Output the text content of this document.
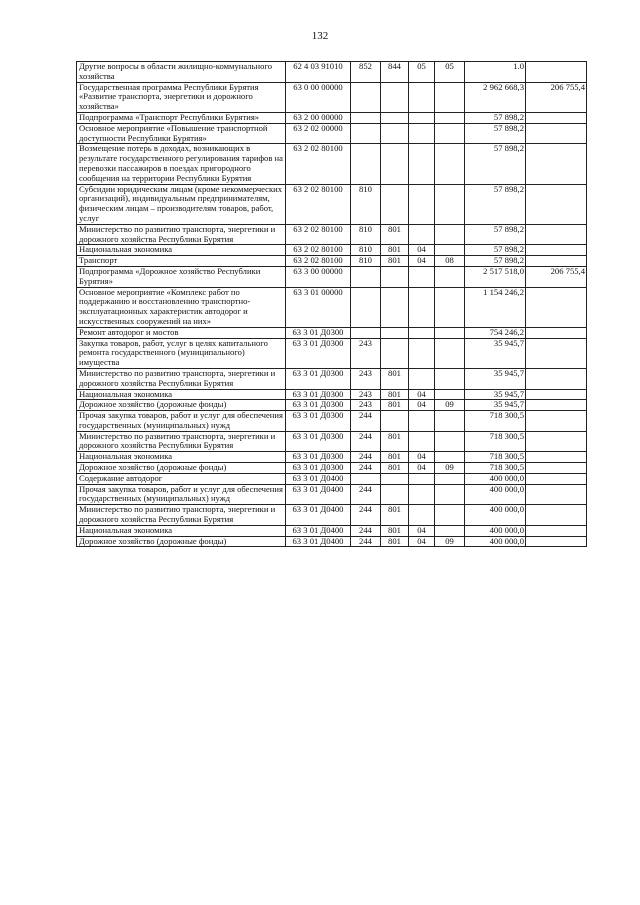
132
Другие вопросы в области жилищно-коммунального хозяйства	62 4 03 91010	852	844	05	05	1.0	
Государственная программа Республики Бурятия «Развитие транспорта, энергетики и дорожного хозяйства»	63 0 00 00000					2 962 668,3	206 755,4
Подпрограмма «Транспорт Республики Бурятия»	63 2 00 00000					57 898,2	
Основное мероприятие «Повышение транспортной доступности Республики Бурятия»	63 2 02 00000					57 898,2	
Возмещение потерь в доходах, возникающих в результате государственного регулирования тарифов на перевозки пассажиров в поездах пригородного сообщения на территории Республики Бурятия	63 2 02 80100					57 898,2	
Субсидии юридическим лицам (кроме некоммерческих организаций), индивидуальным предпринимателям, физическим лицам – производителям товаров, работ, услуг	63 2 02 80100	810				57 898,2	
Министерство по развитию транспорта, энергетики и дорожного хозяйства Республики Бурятия	63 2 02 80100	810	801			57 898,2	
Национальная экономика	63 2 02 80100	810	801	04		57 898,2	
Транспорт	63 2 02 80100	810	801	04	08	57 898,2	
Подпрограмма «Дорожное хозяйство Республики Бурятия»	63 3 00 00000					2 517 518,0	206 755,4
Основное мероприятие «Комплекс работ по поддержанию и восстановлению транспортно-эксплуатационных характеристик автодорог и искусственных сооружений на них»	63 3 01 00000					1 154 246,2	
Ремонт автодорог и мостов	63 3 01 Д0300					754 246,2	
Закупка товаров, работ, услуг в целях капитального ремонта государственного (муниципального) имущества	63 3 01 Д0300	243				35 945,7	
Министерство по развитию транспорта, энергетики и дорожного хозяйства Республики Бурятия	63 3 01 Д0300	243	801			35 945,7	
Национальная экономика	63 3 01 Д0300	243	801	04		35 945,7	
Дорожное хозяйство (дорожные фонды)	63 3 01 Д0300	243	801	04	09	35 945,7	
Прочая закупка товаров, работ и услуг для обеспечения государственных (муниципальных) нужд	63 3 01 Д0300	244				718 300,5	
Министерство по развитию транспорта, энергетики и дорожного хозяйства Республики Бурятия	63 3 01 Д0300	244	801			718 300,5	
Национальная экономика	63 3 01 Д0300	244	801	04		718 300,5	
Дорожное хозяйство (дорожные фонды)	63 3 01 Д0300	244	801	04	09	718 300,5	
Содержание автодорог	63 3 01 Д0400					400 000,0	
Прочая закупка товаров, работ и услуг для обеспечения государственных (муниципальных) нужд	63 3 01 Д0400	244				400 000,0	
Министерство по развитию транспорта, энергетики и дорожного хозяйства Республики Бурятия	63 3 01 Д0400	244	801			400 000,0	
Национальная экономика	63 3 01 Д0400	244	801	04		400 000,0	
Дорожное хозяйство (дорожные фонды)	63 3 01 Д0400	244	801	04	09	400 000,0	
